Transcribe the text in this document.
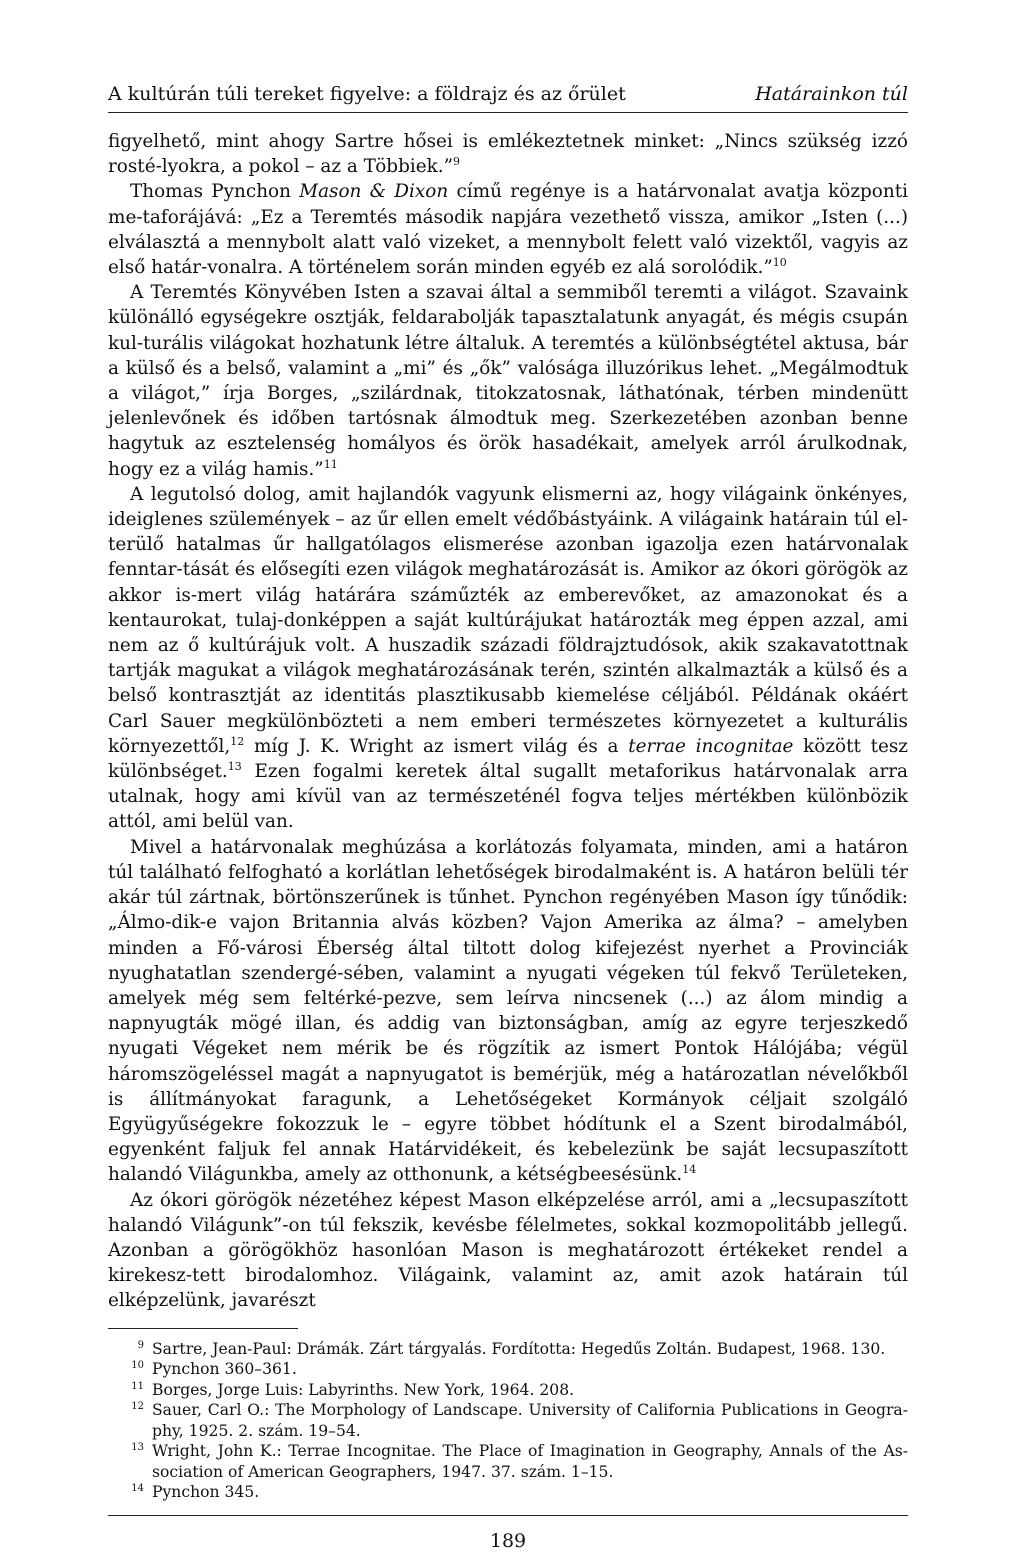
A kultúrán túli tereket figyelve: a földrajz és az őrület	Határainkon túl

figyelhető, mint ahogy Sartre hősei is emlékeztetnek minket: „Nincs szükség izzó rosté-lyokra, a pokol – az a Többiek.”$^9$

Thomas Pynchon Mason & Dixon című regénye is a határvonalat avatja központi me-taforájává: „Ez a Teremtés második napjára vezethető vissza, amikor „Isten (...) elválasztá a mennybolt alatt való vizeket, a mennybolt felett való vizektől, vagyis az első határ-vonalra. A történelem során minden egyéb ez alá sorolódik.”$^{10}$

A Teremtés Könyvében Isten a szavai által a semmiből teremti a világot. Szavaink különálló egységekre osztják, feldarabolják tapasztalatunk anyagát, és mégis csupán kul-turális világokat hozhatunk létre általuk. A teremtés a különbségtétel aktusa, bár a külső és a belső, valamint a „mi” és „ők” valósága illuzórikus lehet. „Megálmodtuk a világot,” írja Borges, „szilárdnak, titokzatosnak, láthatónak, térben mindenütt jelenlevőnek és időben tartósnak álmodtuk meg. Szerkezetében azonban benne hagytuk az esztelenség homályos és örök hasadékait, amelyek arról árulkodnak, hogy ez a világ hamis.”$^{11}$

A legutolsó dolog, amit hajlandók vagyunk elismerni az, hogy világaink önkényes, ideiglenes szülemények – az űr ellen emelt védőbástyáink. A világaink határain túl el-terülő hatalmas űr hallgatólagos elismerése azonban igazolja ezen határvonalak fenntar-tását és elősegíti ezen világok meghatározását is. Amikor az ókori görögök az akkor is-mert világ határára száműzték az emberevőket, az amazonokat és a kentaurokat, tulaj-donképpen a saját kultúrájukat határozták meg éppen azzal, ami nem az ő kultúrájuk volt. A huszadik századi földrajztudósok, akik szakavatottnak tartják magukat a világok meghatározásának terén, szintén alkalmazták a külső és a belső kontrasztját az identitás plasztikusabb kiemelése céljából. Példának okáért Carl Sauer megkülönbözteti a nem emberi természetes környezetet a kulturális környezettől,$^{12}$ míg J. K. Wright az ismert világ és a terrae incognitae között tesz különbséget.$^{13}$ Ezen fogalmi keretek által sugallt metaforikus határvonalak arra utalnak, hogy ami kívül van az természeténél fogva teljes mértékben különbözik attól, ami belül van.

Mivel a határvonalak meghúzása a korlátozás folyamata, minden, ami a határon túl található felfogható a korlátlan lehetőségek birodalmaként is. A határon belüli tér akár túl zártnak, börtönszerűnek is tűnhet. Pynchon regényében Mason így tűnődik: „Álmo-dik-e vajon Britannia alvás közben? Vajon Amerika az álma? – amelyben minden a Fő-városi Éberség által tiltott dolog kifejezést nyerhet a Provinciák nyughatatlan szendergé-sében, valamint a nyugati végeken túl fekvő Területeken, amelyek még sem feltérké-pezve, sem leírva nincsenek (...) az álom mindig a napnyugták mögé illan, és addig van biztonságban, amíg az egyre terjeszkedő nyugati Végeket nem mérik be és rögzítik az ismert Pontok Hálójába; végül háromszögeléssel magát a napnyugatot is bemérjük, még a határozatlan névelőkből is állítmányokat faragunk, a Lehetőségeket Kormányok céljait szolgáló Együgyűségekre fokozzuk le – egyre többet hódítunk el a Szent birodalmából, egyenként faljuk fel annak Határvidékeit, és kebelezünk be saját lecsupaszított halandó Világunkba, amely az otthonunk, a kétségbeesésünk.$^{14}$

Az ókori görögök nézetéhez képest Mason elképzelése arról, ami a „lecsupaszított halandó Világunk”-on túl fekszik, kevésbe félelmetes, sokkal kozmopolitább jellegű. Azonban a görögökhöz hasonlóan Mason is meghatározott értékeket rendel a kirekesz-tett birodalomhoz. Világaink, valamint az, amit azok határain túl elképzelünk, javarészt

9 Sartre, Jean-Paul: Drámák. Zárt tárgyalás. Fordította: Hegedűs Zoltán. Budapest, 1968. 130.
10 Pynchon 360–361.
11 Borges, Jorge Luis: Labyrinths. New York, 1964. 208.
12 Sauer, Carl O.: The Morphology of Landscape. University of California Publications in Geogra-phy, 1925. 2. szám. 19–54.
13 Wright, John K.: Terrae Incognitae. The Place of Imagination in Geography, Annals of the As-sociation of American Geographers, 1947. 37. szám. 1–15.
14 Pynchon 345.
189
